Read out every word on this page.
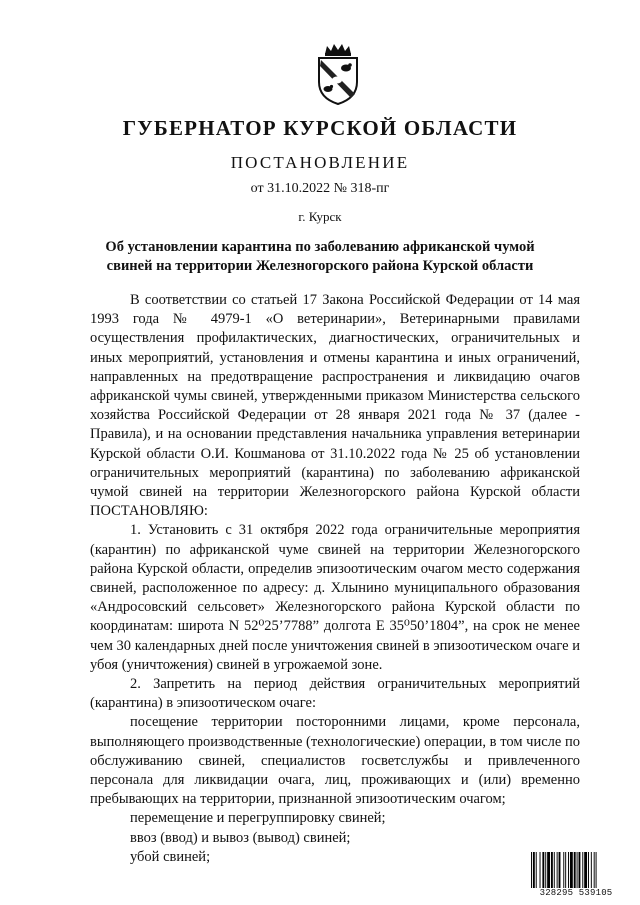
ГУБЕРНАТОР КУРСКОЙ ОБЛАСТИ
ПОСТАНОВЛЕНИЕ
от 31.10.2022 № 318-пг
г. Курск
Об установлении карантина по заболеванию африканской чумой
свиней на территории Железногорского района Курской области

В соответствии со статьей 17 Закона Российской Федерации от 14 мая 1993 года № 4979-1 «О ветеринарии», Ветеринарными правилами осуществления профилактических, диагностических, ограничительных и иных мероприятий, установления и отмены карантина и иных ограничений, направленных на предотвращение распространения и ликвидацию очагов африканской чумы свиней, утвержденными приказом Министерства сельского хозяйства Российской Федерации от 28 января 2021 года № 37 (далее - Правила), и на основании представления начальника управления ветеринарии Курской области О.И. Кошманова от 31.10.2022 года № 25 об установлении ограничительных мероприятий (карантина) по заболеванию африканской чумой свиней на территории Железногорского района Курской области ПОСТАНОВЛЯЮ:

1. Установить с 31 октября 2022 года ограничительные мероприятия (карантин) по африканской чуме свиней на территории Железногорского района Курской области, определив эпизоотическим очагом место содержания свиней, расположенное по адресу: д. Хлынино муниципального образования «Андросовский сельсовет» Железногорского района Курской области по координатам: широта N 52⁰25’7788” долгота E 35⁰50’1804”, на срок не менее чем 30 календарных дней после уничтожения свиней в эпизоотическом очаге и убоя (уничтожения) свиней в угрожаемой зоне.

2. Запретить на период действия ограничительных мероприятий (карантина) в эпизоотическом очаге:

посещение территории посторонними лицами, кроме персонала, выполняющего производственные (технологические) операции, в том числе по обслуживанию свиней, специалистов госветслужбы и привлеченного персонала для ликвидации очага, лиц, проживающих и (или) временно пребывающих на территории, признанной эпизоотическим очагом;

перемещение и перегруппировку свиней;

ввоз (ввод) и вывоз (вывод) свиней;

убой свиней;

328295 539105
